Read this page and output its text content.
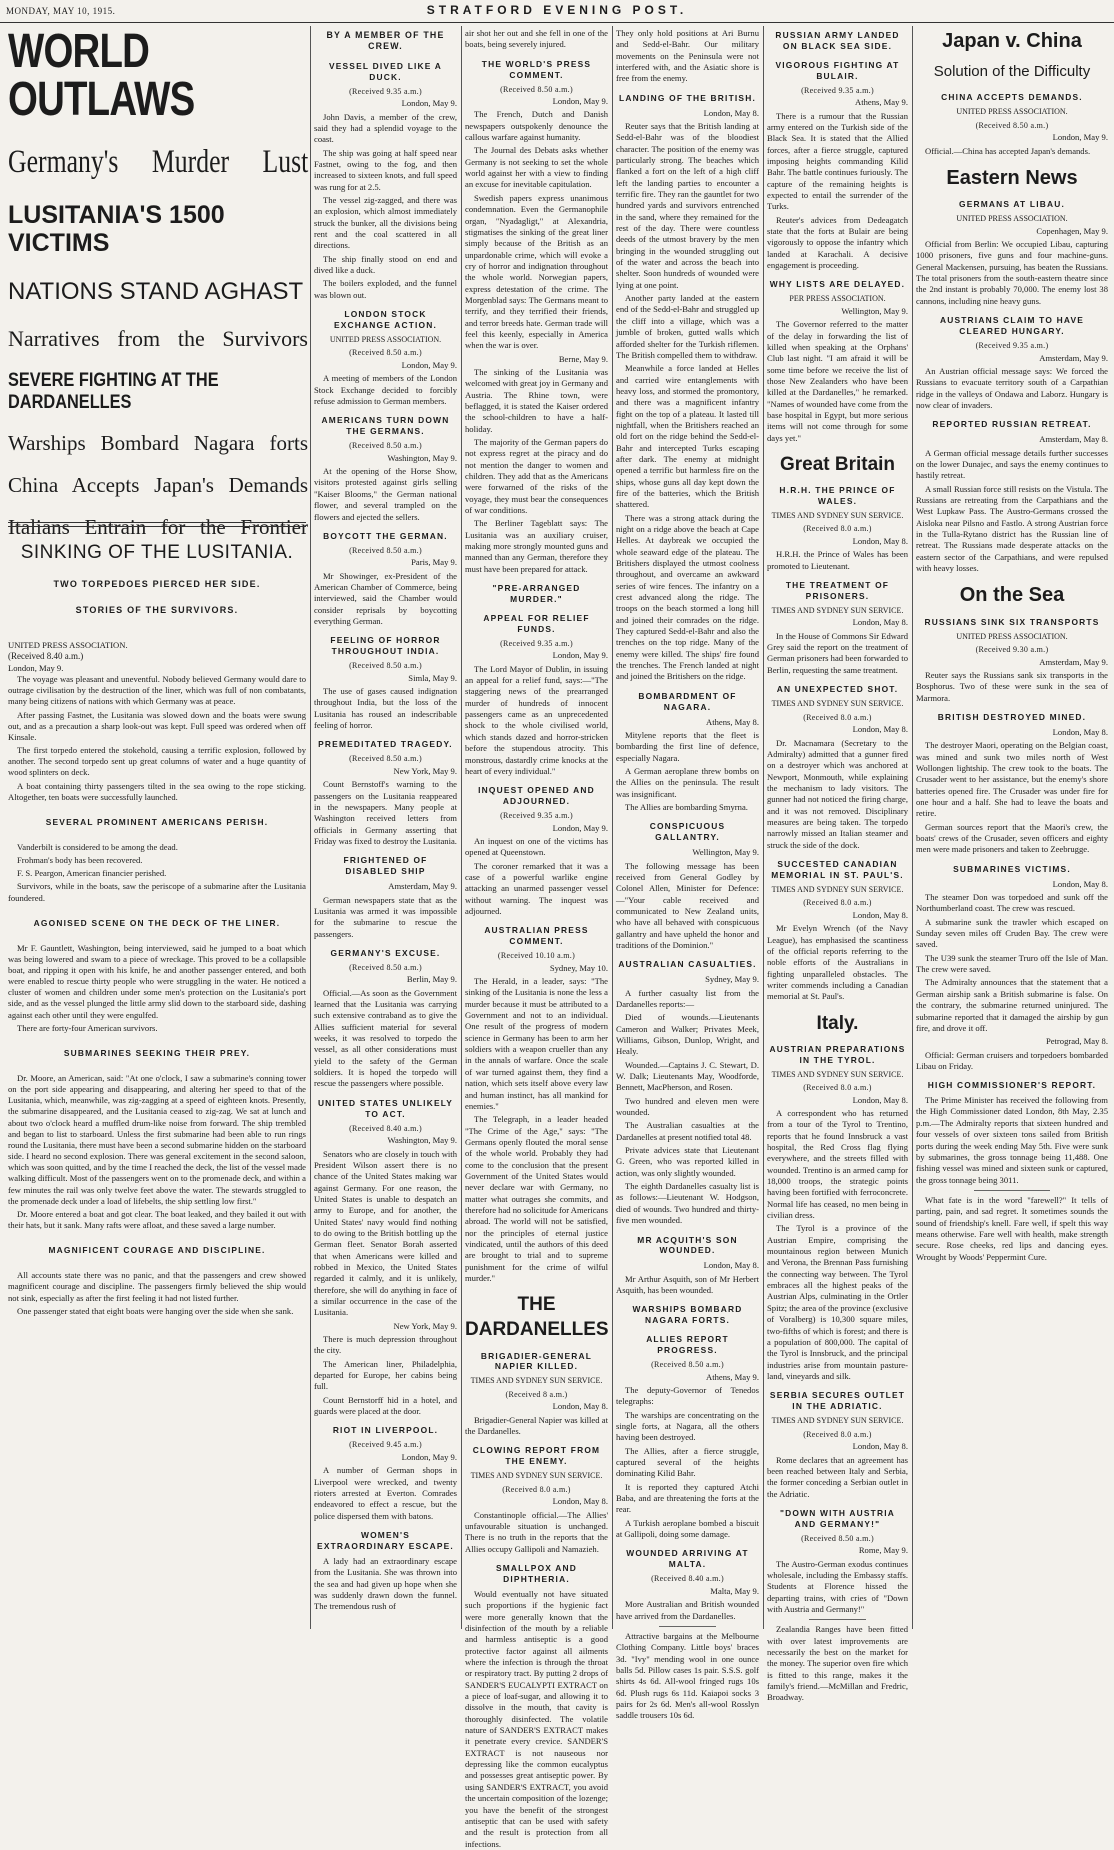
MONDAY, MAY 10, 1915.	STRATFORD EVENING POST.
WORLD OUTLAWS
Germany's Murder Lust
LUSITANIA'S 1500 VICTIMS
NATIONS STAND AGHAST
Narratives from the Survivors
SEVERE FIGHTING AT THE DARDANELLES
Warships Bombard Nagara forts
China Accepts Japan's Demands
Italians Entrain for the Frontier
SINKING OF THE LUSITANIA.
TWO TORPEDOES PIERCED HER SIDE.
STORIES OF THE SURVIVORS.
UNITED PRESS ASSOCIATION.
(Received 8.40 a.m.)
London, May 9.

The voyage was pleasant and uneventful. Nobody believed Germany would dare to outrage civilisation by the destruction of the liner, which was full of non combatants, many being citizens of nations with which Germany was at peace.

After passing Fastnet, the Lusitania was slowed down and the boats were swung out, and as a precaution a sharp look-out was kept. Full speed was ordered when off Kinsale.

The first torpedo entered the stokehold, causing a terrific explosion, followed by another. The second torpedo sent up great columns of water and a huge quantity of wood splinters on deck.

A boat containing thirty passengers tilted in the sea owing to the rope sticking. Altogether, ten boats were successfully launched.

SEVERAL PROMINENT AMERICANS PERISH.

Vanderbilt is considered to be among the dead.

Frohman's body has been recovered.

F. S. Peargon, American financier perished.

Survivors, while in the boats, saw the periscope of a submarine after the Lusitania foundered.

AGONISED SCENE ON THE DECK OF THE LINER.

Mr F. Gauntlett, Washington, being interviewed, said he jumped to a boat which was being lowered and swam to a piece of wreckage. This proved to be a collapsible boat, and ripping it open with his knife, he and another passenger entered, and both were enabled to rescue thirty people who were struggling in the water. He noticed a cluster of women and children under some men's protection on the Lusitania's port side, and as the vessel plunged the little army slid down to the starboard side, dashing against each other until they were engulfed.

There are forty-four American survivors.

SUBMARINES SEEKING THEIR PREY.

Dr. Moore, an American, said: "At one o'clock, I saw a submarine's conning tower on the port side appearing and disappearing, and altering her speed to that of the Lusitania, which, meanwhile, was zig-zagging at a speed of eighteen knots. Presently, the submarine disappeared, and the Lusitania ceased to zig-zag. We sat at lunch and about two o'clock heard a muffled drum-like noise from forward. The ship trembled and began to list to starboard. Unless the first submarine had been able to run rings round the Lusitania, there must have been a second submarine hidden on the starboard side. I heard no second explosion. There was general excitement in the second saloon, which was soon quitted, and by the time I reached the deck, the list of the vessel made walking difficult. Most of the passengers went on to the promenade deck, and within a few minutes the rail was only twelve feet above the water. The stewards struggled to the promenade deck under a load of lifebelts, the ship settling low first."

Dr. Moore entered a boat and got clear. The boat leaked, and they bailed it out with their hats, but it sank. Many rafts were afloat, and these saved a large number.

MAGNIFICENT COURAGE AND DISCIPLINE.

All accounts state there was no panic, and that the passengers and crew showed magnificent courage and discipline. The passengers firmly believed the ship would not sink, especially as after the first feeling it had not listed further.

One passenger stated that eight boats were hanging over the side when she sank.

BY A MEMBER OF THE CREW.
VESSEL DIVED LIKE A DUCK.
(Received 9.35 a.m.)
London, May 9.

John Davis, a member of the crew, said they had a splendid voyage to the coast.

The ship was going at half speed near Fastnet, owing to the fog, and then increased to sixteen knots, and full speed was rung for at 2.5.

The vessel zig-zagged, and there was an explosion, which almost immediately struck the bunker, all the divisions being rent and the coal scattered in all directions.

The ship finally stood on end and dived like a duck.

The boilers exploded, and the funnel was blown out.

LONDON STOCK EXCHANGE ACTION.
UNITED PRESS ASSOCIATION.
(Received 8.50 a.m.)
London, May 9.

A meeting of members of the London Stock Exchange decided to forcibly refuse admission to German members.

AMERICANS TURN DOWN THE GERMANS.
(Received 8.50 a.m.)
Washington, May 9.

At the opening of the Horse Show, visitors protested against girls selling "Kaiser Blooms," the German national flower, and several trampled on the flowers and ejected the sellers.

BOYCOTT THE GERMAN.
(Received 8.50 a.m.)
Paris, May 9.

Mr Showinger, ex-President of the American Chamber of Commerce, being interviewed, said the Chamber would consider reprisals by boycotting everything German.

FEELING OF HORROR THROUGHOUT INDIA.
(Received 8.50 a.m.)
Simla, May 9.

The use of gases caused indignation throughout India, but the loss of the Lusitania has roused an indescribable feeling of horror.

PREMEDITATED TRAGEDY.
(Received 8.50 a.m.)
New York, May 9.

Count Bernstoff's warning to the passengers on the Lusitania reappeared in the newspapers. Many people at Washington received letters from officials in Germany asserting that Friday was fixed to destroy the Lusitania.

FRIGHTENED OF DISABLED SHIP
Amsterdam, May 9.

German newspapers state that as the Lusitania was armed it was impossible for the submarine to rescue the passengers.

GERMANY'S EXCUSE.
(Received 8.50 a.m.)
Berlin, May 9.

Official.—As soon as the Government learned that the Lusitania was carrying such extensive contraband as to give the Allies sufficient material for several weeks, it was resolved to torpedo the vessel, as all other considerations must yield to the safety of the German soldiers. It is hoped the torpedo will rescue the passengers where possible.

UNITED STATES UNLIKELY TO ACT.
(Received 8.40 a.m.)
Washington, May 9.

Senators who are closely in touch with President Wilson assert there is no chance of the United States making war against Germany. For one reason, the United States is unable to despatch an army to Europe, and for another, the United States' navy would find nothing to do owing to the British bottling up the German fleet. Senator Borah asserted that when Americans were killed and robbed in Mexico, the United States regarded it calmly, and it is unlikely, therefore, she will do anything in face of a similar occurrence in the case of the Lusitania.

New York, May 9.

There is much depression throughout the city.

The American liner, Philadelphia, departed for Europe, her cabins being full.

Count Bernstorff hid in a hotel, and guards were placed at the door.

RIOT IN LIVERPOOL.
(Received 9.45 a.m.)
London, May 9.

A number of German shops in Liverpool were wrecked, and twenty rioters arrested at Everton. Comrades endeavored to effect a rescue, but the police dispersed them with batons.

WOMEN'S EXTRAORDINARY ESCAPE.

A lady had an extraordinary escape from the Lusitania. She was thrown into the sea and had given up hope when she was suddenly drawn down the funnel. The tremendous rush of

air shot her out and she fell in one of the boats, being severely injured.

THE WORLD'S PRESS COMMENT.
(Received 8.50 a.m.)
London, May 9.

The French, Dutch and Danish newspapers outspokenly denounce the callous warfare against humanity.

The Journal des Debats asks whether Germany is not seeking to set the whole world against her with a view to finding an excuse for inevitable capitulation.

Swedish papers express unanimous condemnation. Even the Germanophile organ, "Nyadagligt," at Alexandria, stigmatises the sinking of the great liner simply because of the British as an unpardonable crime, which will evoke a cry of horror and indignation throughout the whole world. Norwegian papers, express detestation of the crime. The Morgenblad says: The Germans meant to terrify, and they terrified their friends, and terror breeds hate. German trade will feel this keenly, especially in America when the war is over.

Berne, May 9.

The sinking of the Lusitania was welcomed with great joy in Germany and Austria. The Rhine town, were beflagged, it is stated the Kaiser ordered the school-children to have a half-holiday.

The majority of the German papers do not express regret at the piracy and do not mention the danger to women and children. They add that as the Americans were forwarned of the risks of the voyage, they must bear the consequences of war conditions.

The Berliner Tageblatt says: The Lusitania was an auxiliary cruiser, making more strongly mounted guns and manned than any German, therefore they must have been prepared for attack.

"PRE-ARRANGED MURDER."
APPEAL FOR RELIEF FUNDS.
(Received 9.35 a.m.)
London, May 9.

The Lord Mayor of Dublin, in issuing an appeal for a relief fund, says:—"The staggering news of the prearranged murder of hundreds of innocent passengers came as an unprecedented shock to the whole civilised world, which stands dazed and horror-stricken before the stupendous atrocity. This monstrous, dastardly crime knocks at the heart of every individual."

INQUEST OPENED AND ADJOURNED.
(Received 9.35 a.m.)
London, May 9.

An inquest on one of the victims has opened at Queenstown.

The coroner remarked that it was a case of a powerful warlike engine attacking an unarmed passenger vessel without warning. The inquest was adjourned.

AUSTRALIAN PRESS COMMENT.
(Received 10.10 a.m.)
Sydney, May 10.

The Herald, in a leader, says: "The sinking of the Lusitania is none the less a murder because it must be attributed to a Government and not to an individual. One result of the progress of modern science in Germany has been to arm her soldiers with a weapon crueller than any in the annals of warfare. Once the scale of war turned against them, they find a nation, which sets itself above every law and human instinct, has all mankind for enemies."

The Telegraph, in a leader headed "The Crime of the Age," says: "The Germans openly flouted the moral sense of the whole world. Probably they had come to the conclusion that the present Government of the United States would never declare war with Germany, no matter what outrages she commits, and therefore had no solicitude for Americans abroad. The world will not be satisfied, nor the principles of eternal justice vindicated, until the authors of this deed are brought to trial and to supreme punishment for the crime of wilful murder."

THE DARDANELLES
BRIGADIER-GENERAL NAPIER KILLED.
TIMES AND SYDNEY SUN SERVICE.
(Received 8 a.m.)
London, May 8.

Brigadier-General Napier was killed at the Dardanelles.

CLOWING REPORT FROM THE ENEMY.
TIMES AND SYDNEY SUN SERVICE.
(Received 8.0 a.m.)
London, May 8.

Constantinople official.—The Allies' unfavourable situation is unchanged. There is no truth in the reports that the Allies occupy Gallipoli and Namazieh.

SMALLPOX AND DIPHTHERIA.

Would eventually not have situated such proportions if the hygienic fact were more generally known that the disinfection of the mouth by a reliable and harmless antiseptic is a good protective factor against all ailments where the infection is through the throat or respiratory tract. By putting 2 drops of SANDER'S EUCALYPTI EXTRACT on a piece of loaf-sugar, and allowing it to dissolve in the mouth, that cavity is thoroughly disinfected. The volatile nature of SANDER'S EXTRACT makes it penetrate every crevice. SANDER'S EXTRACT is not nauseous nor depressing like the common eucalyptus and possesses great antiseptic power. By using SANDER'S EXTRACT, you avoid the uncertain composition of the lozenge; you have the benefit of the strongest antiseptic that can be used with safety and the result is protection from all infections.

They only hold positions at Ari Burnu and Sedd-el-Bahr. Our military movements on the Peninsula were not interfered with, and the Asiatic shore is free from the enemy.

LANDING OF THE BRITISH.
London, May 8.

Reuter says that the British landing at Sedd-el-Bahr was of the bloodiest character. The position of the enemy was particularly strong. The beaches which flanked a fort on the left of a high cliff left the landing parties to encounter a terrific fire. They ran the gauntlet for two hundred yards and survivors entrenched in the sand, where they remained for the rest of the day. There were countless deeds of the utmost bravery by the men bringing in the wounded struggling out of the water and across the beach into shelter. Soon hundreds of wounded were lying at one point.

Another party landed at the eastern end of the Sedd-el-Bahr and struggled up the cliff into a village, which was a jumble of broken, gutted walls which afforded shelter for the Turkish riflemen. The British compelled them to withdraw.

Meanwhile a force landed at Helles and carried wire entanglements with heavy loss, and stormed the promontory, and there was a magnificent infantry fight on the top of a plateau. It lasted till nightfall, when the Britishers reached an old fort on the ridge behind the Sedd-el-Bahr and intercepted Turks escaping after dark. The enemy at midnight opened a terrific but harmless fire on the ships, whose guns all day kept down the fire of the batteries, which the British shattered.

There was a strong attack during the night on a ridge above the beach at Cape Helles. At daybreak we occupied the whole seaward edge of the plateau. The Britishers displayed the utmost coolness throughout, and overcame an awkward series of wire fences. The infantry on a crest advanced along the ridge. The troops on the beach stormed a long hill and joined their comrades on the ridge. They captured Sedd-el-Bahr and also the trenches on the top ridge. Many of the enemy were killed. The ships' fire found the trenches. The French landed at night and joined the Britishers on the ridge.

BOMBARDMENT OF NAGARA.
Athens, May 8.

Mitylene reports that the fleet is bombarding the first line of defence, especially Nagara.

A German aeroplane threw bombs on the Allies on the peninsula. The result was insignificant.

The Allies are bombarding Smyrna.

CONSPICUOUS GALLANTRY.
Wellington, May 9.

The following message has been received from General Godley by Colonel Allen, Minister for Defence:—"Your cable received and communicated to New Zealand units, who have all behaved with conspicuous gallantry and have upheld the honor and traditions of the Dominion."

AUSTRALIAN CASUALTIES.
Sydney, May 9.

A further casualty list from the Dardanelles reports:—

Died of wounds.—Lieutenants Cameron and Walker; Privates Meek, Williams, Gibson, Dunlop, Wright, and Healy.

Wounded.—Captains J. C. Stewart, D. W. Dalk; Lieutenants May, Woodforde, Bennett, MacPherson, and Rosen.

Two hundred and eleven men were wounded.

The Australian casualties at the Dardanelles at present notified total 48.

Private advices state that Lieutenant G. Green, who was reported killed in action, was only slightly wounded.

The eighth Dardanelles casualty list is as follows:—Lieutenant W. Hodgson, died of wounds. Two hundred and thirty-five men wounded.

MR ACQUITH'S SON WOUNDED.
London, May 8.

Mr Arthur Asquith, son of Mr Herbert Asquith, has been wounded.

WARSHIPS BOMBARD NAGARA FORTS.
ALLIES REPORT PROGRESS.
(Received 8.50 a.m.)
Athens, May 9.

The deputy-Governor of Tenedos telegraphs:

The warships are concentrating on the single forts, at Nagara, all the others having been destroyed.

The Allies, after a fierce struggle, captured several of the heights dominating Kilid Bahr.

It is reported they captured Atchi Baba, and are threatening the forts at the rear.

A Turkish aeroplane bombed a biscuit at Gallipoli, doing some damage.

WOUNDED ARRIVING AT MALTA.
(Received 8.40 a.m.)
Malta, May 9.

More Australian and British wounded have arrived from the Dardanelles.

Attractive bargains at the Melbourne Clothing Company. Little boys' braces 3d. "Ivy" mending wool in one ounce balls 5d. Pillow cases 1s pair. S.S.S. golf shirts 4s 6d. All-wool fringed rugs 10s 6d. Plush rugs 6s 11d. Kaiapoi socks 3 pairs for 2s 6d. Men's all-wool Rosslyn saddle trousers 10s 6d.

RUSSIAN ARMY LANDED ON BLACK SEA SIDE.
VIGOROUS FIGHTING AT BULAIR.
(Received 9.35 a.m.)
Athens, May 9.

There is a rumour that the Russian army entered on the Turkish side of the Black Sea. It is stated that the Allied forces, after a fierce struggle, captured imposing heights commanding Kilid Bahr. The battle continues furiously. The capture of the remaining heights is expected to entail the surrender of the Turks.

Reuter's advices from Dedeagatch state that the forts at Bulair are being vigorously to oppose the infantry which landed at Karachali. A decisive engagement is proceeding.

WHY LISTS ARE DELAYED.
PER PRESS ASSOCIATION.
Wellington, May 9.

The Governor referred to the matter of the delay in forwarding the list of killed when speaking at the Orphans' Club last night. "I am afraid it will be some time before we receive the list of those New Zealanders who have been killed at the Dardanelles," he remarked. "Names of wounded have come from the base hospital in Egypt, but more serious items will not come through for some days yet."

Great Britain
H.R.H. THE PRINCE OF WALES.
TIMES AND SYDNEY SUN SERVICE.
(Received 8.0 a.m.)
London, May 8.

H.R.H. the Prince of Wales has been promoted to Lieutenant.

THE TREATMENT OF PRISONERS.
TIMES AND SYDNEY SUN SERVICE.
London, May 8.

In the House of Commons Sir Edward Grey said the report on the treatment of German prisoners had been forwarded to Berlin, requesting the same treatment.

AN UNEXPECTED SHOT.
TIMES AND SYDNEY SUN SERVICE.
(Received 8.0 a.m.)
London, May 8.

Dr. Macnamara (Secretary to the Admiralty) admitted that a gunner fired on a destroyer which was anchored at Newport, Monmouth, while explaining the mechanism to lady visitors. The gunner had not noticed the firing charge, and it was not removed. Disciplinary measures are being taken. The torpedo narrowly missed an Italian steamer and struck the side of the dock.

SUCCESTED CANADIAN MEMORIAL IN ST. PAUL'S.
TIMES AND SYDNEY SUN SERVICE.
(Received 8.0 a.m.)
London, May 8.

Mr Evelyn Wrench (of the Navy League), has emphasised the scantiness of the official reports referring to the noble efforts of the Australians in fighting unparalleled obstacles. The writer commends including a Canadian memorial at St. Paul's.

Italy.
AUSTRIAN PREPARATIONS IN THE TYROL.
TIMES AND SYDNEY SUN SERVICE.
(Received 8.0 a.m.)
London, May 8.

A correspondent who has returned from a tour of the Tyrol to Trentino, reports that he found Innsbruck a vast hospital, the Red Cross flag flying everywhere, and the streets filled with wounded. Trentino is an armed camp for 18,000 troops, the strategic points having been fortified with ferroconcrete. Normal life has ceased, no men being in civilian dress.

The Tyrol is a province of the Austrian Empire, comprising the mountainous region between Munich and Verona, the Brennan Pass furnishing the connecting way between. The Tyrol embraces all the highest peaks of the Austrian Alps, culminating in the Ortler Spitz; the area of the province (exclusive of Voralberg) is 10,300 square miles, two-fifths of which is forest; and there is a population of 800,000. The capital of the Tyrol is Innsbruck, and the principal industries arise from mountain pasture-land, vineyards and silk.

SERBIA SECURES OUTLET IN THE ADRIATIC.
TIMES AND SYDNEY SUN SERVICE.
(Received 8.0 a.m.)
London, May 8.

Rome declares that an agreement has been reached between Italy and Serbia, the former conceding a Serbian outlet in the Adriatic.

"DOWN WITH AUSTRIA AND GERMANY!"
(Received 8.50 a.m.)
Rome, May 9.

The Austro-German exodus continues wholesale, including the Embassy staffs. Students at Florence hissed the departing trains, with cries of "Down with Austria and Germany!"

Zealandia Ranges have been fitted with over latest improvements are necessarily the best on the market for the money. The superior oven fire which is fitted to this range, makes it the family's friend.—McMillan and Fredric, Broadway.

Japan v. China
Solution of the Difficulty
CHINA ACCEPTS DEMANDS.
UNITED PRESS ASSOCIATION.
(Received 8.50 a.m.)
London, May 9.

Official.—China has accepted Japan's demands.

Eastern News
GERMANS AT LIBAU.
UNITED PRESS ASSOCIATION.
Copenhagen, May 9.

Official from Berlin: We occupied Libau, capturing 1000 prisoners, five guns and four machine-guns. General Mackensen, pursuing, has beaten the Russians. The total prisoners from the south-eastern theatre since the 2nd instant is probably 70,000. The enemy lost 38 cannons, including nine heavy guns.

AUSTRIANS CLAIM TO HAVE CLEARED HUNGARY.
(Received 9.35 a.m.)
Amsterdam, May 9.

An Austrian official message says: We forced the Russians to evacuate territory south of a Carpathian ridge in the valleys of Ondawa and Laborz. Hungary is now clear of invaders.

REPORTED RUSSIAN RETREAT.
Amsterdam, May 8.

A German official message details further successes on the lower Dunajec, and says the enemy continues to hastily retreat.

A small Russian force still resists on the Vistula. The Russians are retreating from the Carpathians and the West Lupkaw Pass. The Austro-Germans crossed the Aisloka near Pilsno and Fastlo. A strong Austrian force in the Tulla-Rytano district has the Russian line of retreat. The Russians made desperate attacks on the eastern sector of the Carpathians, and were repulsed with heavy losses.

On the Sea
RUSSIANS SINK SIX TRANSPORTS
UNITED PRESS ASSOCIATION.
(Received 9.30 a.m.)
Amsterdam, May 9.

Reuter says the Russians sank six transports in the Bosphorus. Two of these were sunk in the sea of Marmora.

BRITISH DESTROYED MINED.
London, May 8.

The destroyer Maori, operating on the Belgian coast, was mined and sunk two miles north of West Wollongen lightship. The crew took to the boats. The Crusader went to her assistance, but the enemy's shore batteries opened fire. The Crusader was under fire for one hour and a half. She had to leave the boats and retire.

German sources report that the Maori's crew, the boats' crews of the Crusader, seven officers and eighty men were made prisoners and taken to Zeebrugge.

SUBMARINES VICTIMS.
London, May 8.

The steamer Don was torpedoed and sunk off the Northumberland coast. The crew was rescued.

A submarine sunk the trawler which escaped on Sunday seven miles off Cruden Bay. The crew were saved.

The U39 sunk the steamer Truro off the Isle of Man. The crew were saved.

The Admiralty announces that the statement that a German airship sank a British submarine is false. On the contrary, the submarine returned uninjured. The submarine reported that it damaged the airship by gun fire, and drove it off.

Petrograd, May 8.

Official: German cruisers and torpedoers bombarded Libau on Friday.

HIGH COMMISSIONER'S REPORT.

The Prime Minister has received the following from the High Commissioner dated London, 8th May, 2.35 p.m.—The Admiralty reports that sixteen hundred and four vessels of over sixteen tons sailed from British ports during the week ending May 5th. Five were sunk by submarines, the gross tonnage being 11,488. One fishing vessel was mined and sixteen sunk or captured, the gross tonnage being 3011.

What fate is in the word "farewell?" It tells of parting, pain, and sad regret. It sometimes sounds the sound of friendship's knell. Fare well, if spelt this way means otherwise. Fare well with health, make strength secure. Rose cheeks, red lips and dancing eyes. Wrought by Woods' Peppermint Cure.
